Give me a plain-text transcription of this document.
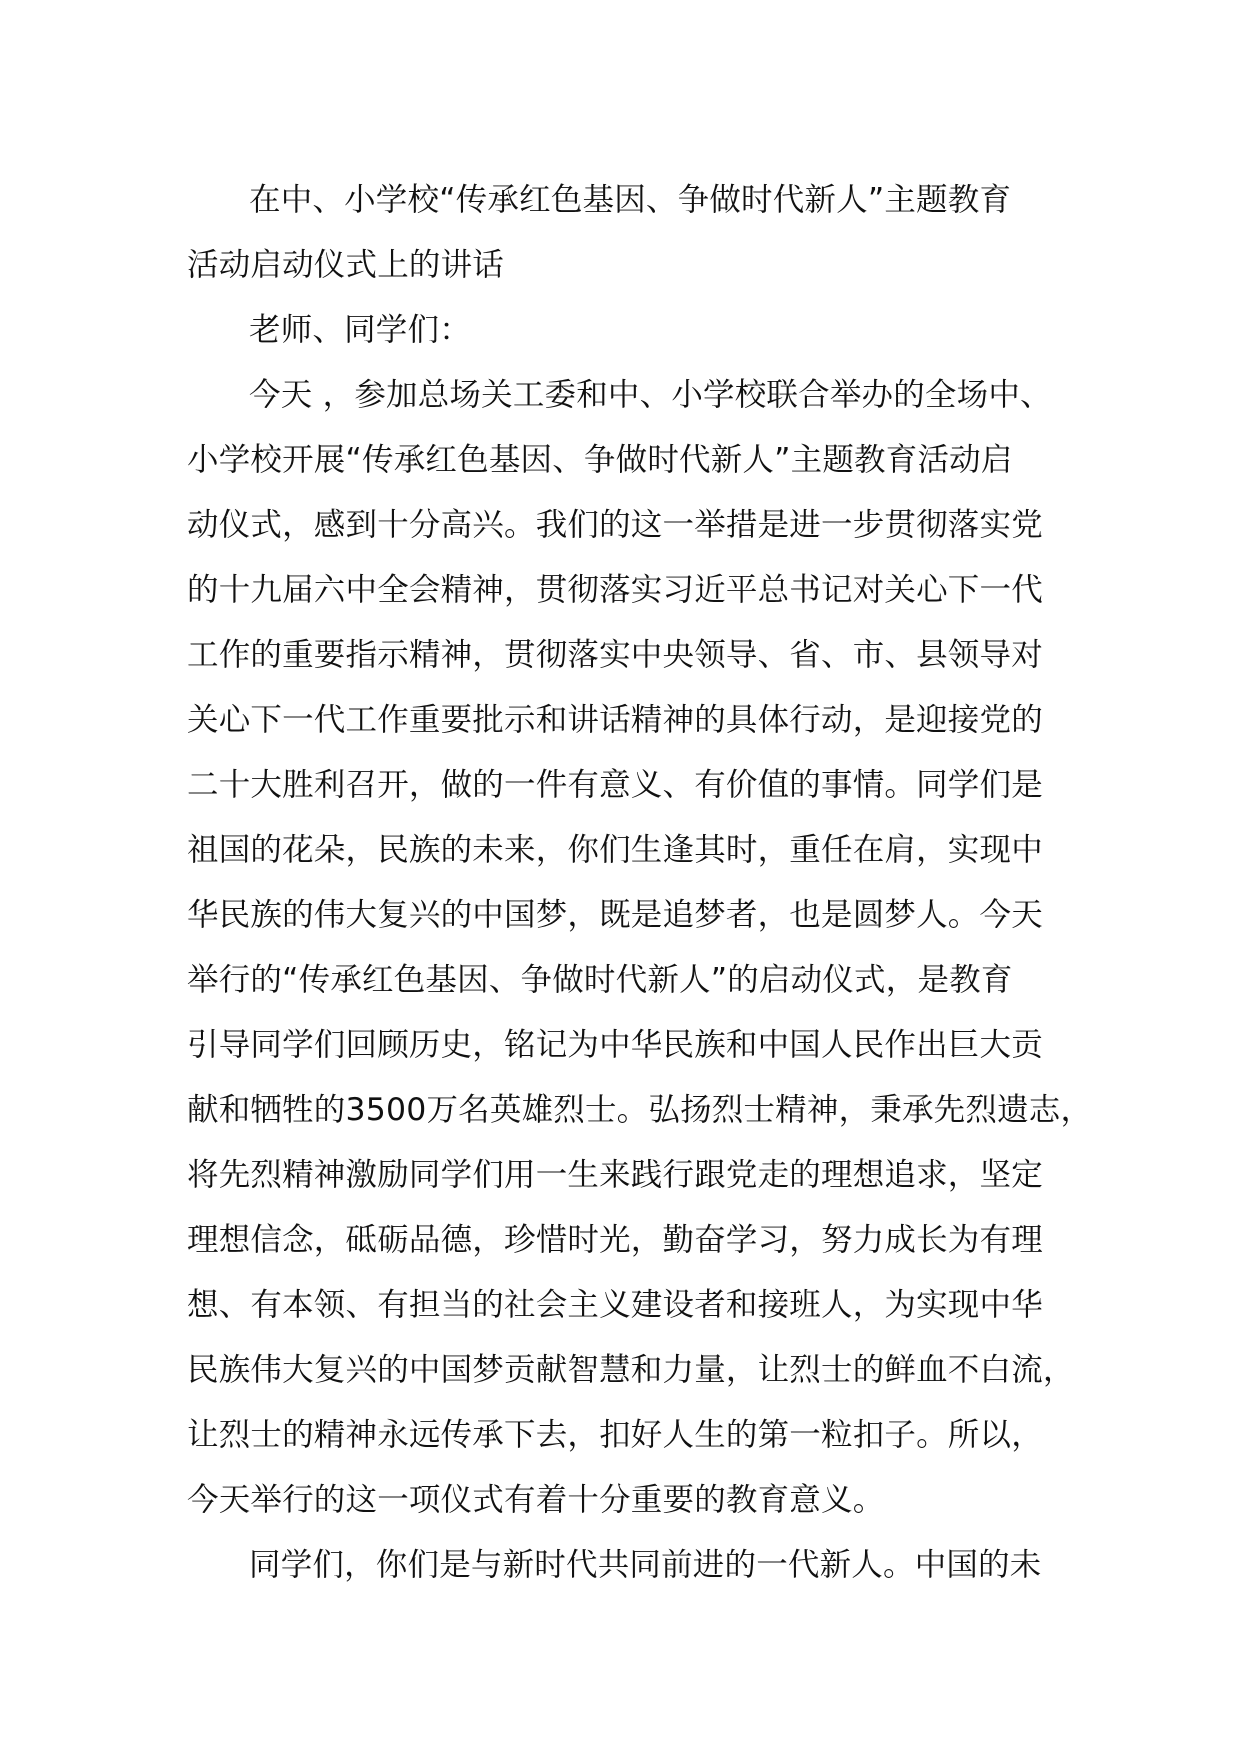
在中、小学校“传承红色基因、争做时代新人”主题教育
活动启动仪式上的讲话
老师、同学们：
今天 ，参加总场关工委和中、小学校联合举办的全场中、
小学校开展“传承红色基因、争做时代新人”主题教育活动启
动仪式，感到十分高兴。我们的这一举措是进一步贯彻落实党
的十九届六中全会精神，贯彻落实习近平总书记对关心下一代
工作的重要指示精神，贯彻落实中央领导、省、市、县领导对
关心下一代工作重要批示和讲话精神的具体行动，是迎接党的
二十大胜利召开，做的一件有意义、有价值的事情。同学们是
祖国的花朵，民族的未来，你们生逢其时，重任在肩，实现中
华民族的伟大复兴的中国梦，既是追梦者，也是圆梦人。今天
举行的“传承红色基因、争做时代新人”的启动仪式，是教育
引导同学们回顾历史，铭记为中华民族和中国人民作出巨大贡
献和牺牲的3500万名英雄烈士。弘扬烈士精神，秉承先烈遗志，
将先烈精神激励同学们用一生来践行跟党走的理想追求，坚定
理想信念，砥砺品德，珍惜时光，勤奋学习，努力成长为有理
想、有本领、有担当的社会主义建设者和接班人，为实现中华
民族伟大复兴的中国梦贡献智慧和力量，让烈士的鲜血不白流，
让烈士的精神永远传承下去，扣好人生的第一粒扣子。所以，
今天举行的这一项仪式有着十分重要的教育意义。
同学们，你们是与新时代共同前进的一代新人。中国的未
